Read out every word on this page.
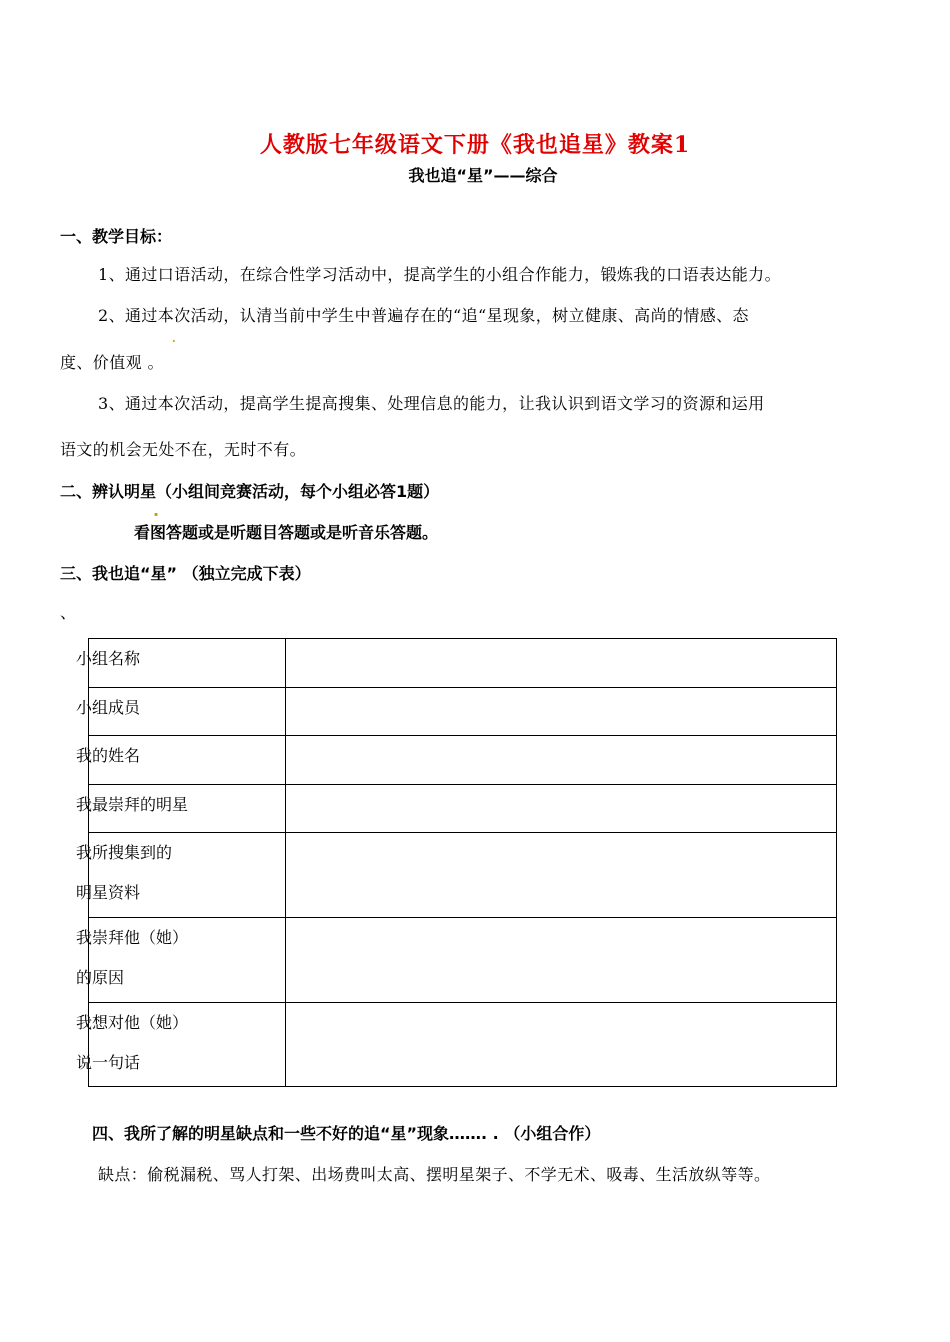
人教版七年级语文下册《我也追星》教案1
我也追“星”——综合
一、教学目标：
1、通过口语活动，在综合性学习活动中，提高学生的小组合作能力，锻炼我的口语表达能力。
2、通过本
.
次活动，认清当前中学生中普遍存在的“追“星现象，树立健康、高尚的情感、态
度、价值观 。
3、通过本次活动，提高学生提高搜集、处理信息的能力，让我认识到语文学习的资源和运用
语文的机会无处不在，无时不有。
二、辨认明星
.
（小组间竞赛活动，每个小组必答1题）
看图答题或是听题目答题或是听音乐答题。
三、我也追“星” （独立完成下表）
、
小组名称	

小组成员	

我的姓名	

我最崇拜的明星	

我所搜集到的
明星资料	

我崇拜他（她）
的原因	

我想对他（她）
说一句话	

四、我所了解的明星缺点和一些不好的追“星”现象……. . （小组合作）
缺点：偷税漏税、骂人打架、出场费叫太高、摆明星架子、不学无术、吸毒、生活放纵等等。
